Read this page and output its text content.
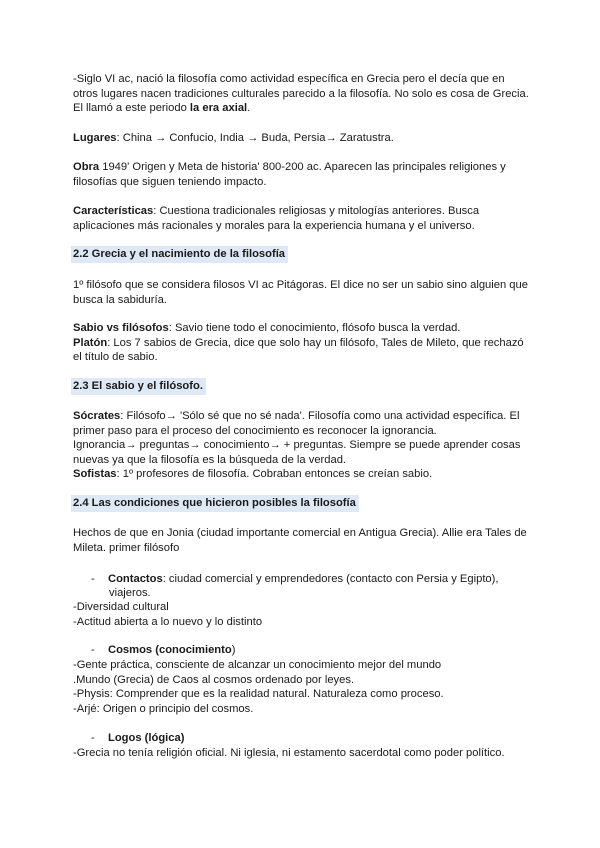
-Siglo VI ac, nació la filosofía como actividad específica en Grecia pero el decía que en
otros lugares nacen tradiciones culturales parecido a la filosofía. No solo es cosa de Grecia.
El llamó a este periodo la era axial.
Lugares: China → Confucio, India → Buda, Persia→ Zaratustra.
Obra 1949' Origen y Meta de historia' 800-200 ac. Aparecen las principales religiones y
filosofías que siguen teniendo impacto.
Características: Cuestiona tradicionales religiosas y mitologías anteriores. Busca
aplicaciones más racionales y morales para la experiencia humana y el universo.
2.2 Grecia y el nacimiento de la filosofía
1º filósofo que se considera filosos VI ac Pitágoras. El dice no ser un sabio sino alguien que
busca la sabiduría.
Sabio vs filósofos: Savio tiene todo el conocimiento, flósofo busca la verdad.
Platón: Los 7 sabios de Grecia, dice que solo hay un filósofo, Tales de Mileto, que rechazó
el título de sabio.
2.3 El sabio y el filósofo.
Sócrates: Filósofo→ 'Sólo sé que no sé nada'. Filosofía como una actividad específica. El
primer paso para el proceso del conocimiento es reconocer la ignorancia.
Ignorancia→ preguntas→ conocimiento→ + preguntas. Siempre se puede aprender cosas
nuevas ya que la filosofía es la búsqueda de la verdad.
Sofistas: 1º profesores de filosofía. Cobraban entonces se creían sabio.
2.4 Las condiciones que hicieron posibles la filosofía
Hechos de que en Jonia (ciudad importante comercial en Antigua Grecia). Allie era Tales de
Mileta. primer filósofo
- Contactos: ciudad comercial y emprendedores (contacto con Persia y Egipto),
viajeros.
-Diversidad cultural
-Actitud abierta a lo nuevo y lo distinto
- Cosmos (conocimiento)
-Gente práctica, consciente de alcanzar un conocimiento mejor del mundo
.Mundo (Grecia) de Caos al cosmos ordenado por leyes.
-Physis: Comprender que es la realidad natural. Naturaleza como proceso.
-Arjé: Origen o principio del cosmos.
- Logos (lógica)
-Grecia no tenía religión oficial. Ni iglesia, ni estamento sacerdotal como poder político.
